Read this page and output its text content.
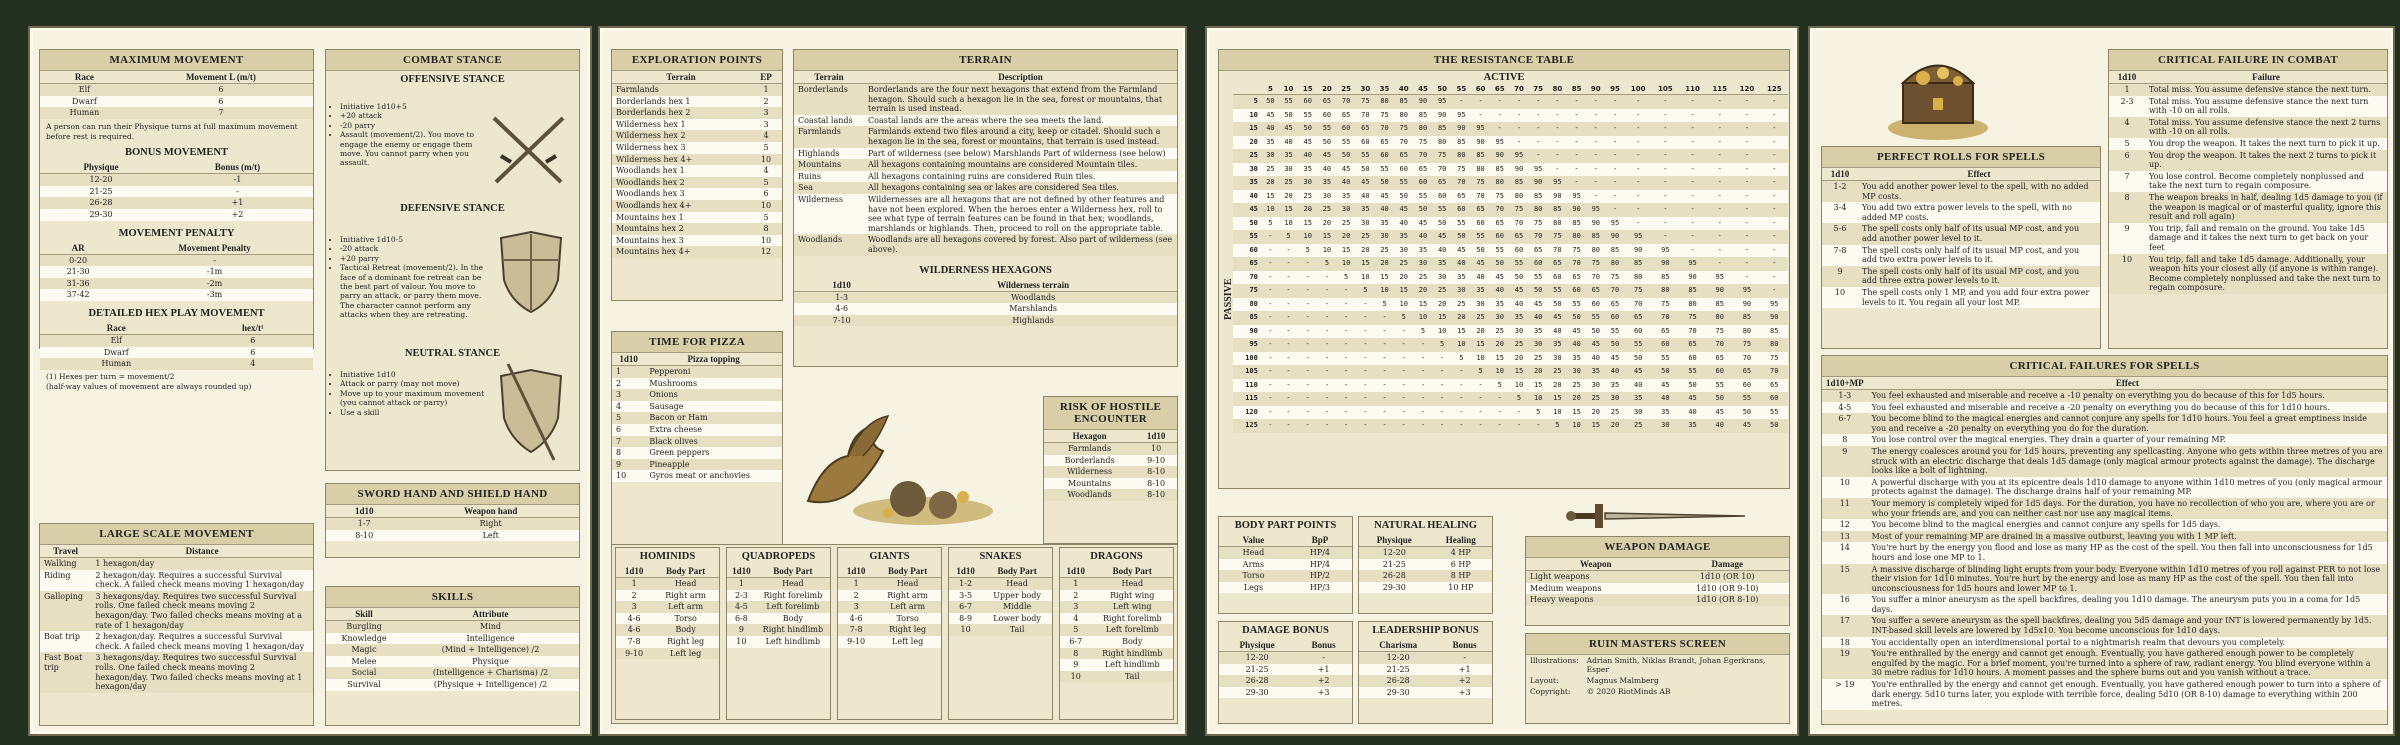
MAXIMUM MOVEMENT
Race	Movement L (m/t)
Elf	6
Dwarf	6
Human	7
A person can run their Physique turns at full maximum movement before rest is required.
BONUS MOVEMENT
Physique	Bonus (m/t)
12-20	-1
21-25	-
26-28	+1
29-30	+2
MOVEMENT PENALTY
AR	Movement Penalty
0-20	-
21-30	-1m
31-36	-2m
37-42	-3m
DETAILED HEX PLAY MOVEMENT
Race	hex/t¹
Elf	6
Dwarf	6
Human	4
(1) Hexes per turn = movement/2
(half-way values of movement are always rounded up)
LARGE SCALE MOVEMENT
Travel	Distance
Walking	1 hexagon/day
Riding	2 hexagon/day. Requires a successful Survival check. A failed check means moving 1 hexagon/day
Galloping	3 hexagons/day. Requires two successful Survival rolls. One failed check means moving 2 hexagon/day. Two failed checks means moving at a rate of 1 hexagon/day
Boat trip	2 hexagon/day. Requires a successful Survival check. A failed check means moving 1 hexagon/day
Fast Boat trip	3 hexagons/day. Requires two successful Survival rolls. One failed check means moving 2 hexagon/day. Two failed checks means moving at 1 hexagon/day
COMBAT STANCE
OFFENSIVE STANCE
• Initiative 1d10+5
• +20 attack
• -20 parry
• Assault (movement/2). You move to engage the enemy or engage them move. You cannot parry when you assault.
DEFENSIVE STANCE
• Initiative 1d10-5
• -20 attack
• +20 parry
• Tactical Retreat (movement/2). In the face of a dominant foe retreat can be the best part of valour. You move to parry an attack, or parry them move. The character cannot perform any attacks when they are retreating.
NEUTRAL STANCE
• Initiative 1d10
• Attack or parry (may not move)
• Move up to your maximum movement (you cannot attack or parry)
• Use a skill
SWORD HAND AND SHIELD HAND
1d10	Weapon hand
1-7	Right
8-10	Left
SKILLS
Skill	Attribute
Burgling	Mind
Knowledge	Intelligence
Magic	(Mind + Intelligence) /2
Melee	Physique
Social	(Intelligence + Charisma) /2
Survival	(Physique + Intelligence) /2
EXPLORATION POINTS
Terrain	EP
Farmlands	1
Borderlands hex 1	2
Borderlands hex 2	3
Wilderness hex 1	3
Wilderness hex 2	4
Wilderness hex 3	5
Wilderness hex 4+	10
Woodlands hex 1	4
Woodlands hex 2	5
Woodlands hex 3	6
Woodlands hex 4+	10
Mountains hex 1	5
Mountains hex 2	8
Mountains hex 3	10
Mountains hex 4+	12
TERRAIN
Terrain	Description
Borderlands	Borderlands are the four next hexagons that extend from the Farmland hexagon. Should such a hexagon lie in the sea, forest or mountains, that terrain is used instead.
Coastal lands	Coastal lands are the areas where the sea meets the land.
Farmlands	Farmlands extend two files around a city, keep or citadel. Should such a hexagon lie in the sea, forest or mountains, that terrain is used instead.
Highlands	Part of wilderness (see below) Marshlands Part of wilderness (see below)
Mountains	All hexagons containing mountains are considered Mountain tiles.
Ruins	All hexagons containing ruins are considered Ruin tiles.
Sea	All hexagons containing sea or lakes are considered Sea tiles.
Wilderness	Wildernesses are all hexagons that are not defined by other features and have not been explored. When the heroes enter a Wilderness hex, roll to see what type of terrain features can be found in that hex; woodlands, marshlands or highlands. Then, proceed to roll on the appropriate table.
Woodlands	Woodlands are all hexagons covered by forest. Also part of wilderness (see above).
WILDERNESS HEXAGONS
1d10	Wilderness terrain
1-3	Woodlands
4-6	Marshlands
7-10	Highlands
TIME FOR PIZZA
1d10	Pizza topping
1	Pepperoni
2	Mushrooms
3	Onions
4	Sausage
5	Bacon or Ham
6	Extra cheese
7	Black olives
8	Green peppers
9	Pineapple
10	Gyros meat or anchovies
RISK OF HOSTILE ENCOUNTER
Hexagon	1d10
Farmlands	10
Borderlands	9-10
Wilderness	8-10
Mountains	8-10
Woodlands	8-10
HOMINIDS
1d10	Body Part
1	Head
2	Right arm
3	Left arm
4-6	Torso
4-6	Body
7-8	Right leg
9-10	Left leg
QUADROPEDS
1d10	Body Part
1	Head
2-3	Right forelimb
4-5	Left forelimb
6-8	Body
9	Right hindlimb
10	Left hindlimb
GIANTS
1d10	Body Part
1	Head
2	Right arm
3	Left arm
4-6	Torso
7-8	Right leg
9-10	Left leg
SNAKES
1d10	Body Part
1-2	Head
3-5	Upper body
6-7	Middle
8-9	Lower body
10	Tail
DRAGONS
1d10	Body Part
1	Head
2	Right wing
3	Left wing
4	Right forelimb
5	Left forelimb
6-7	Body
8	Right hindlimb
9	Left hindlimb
10	Tail
THE RESISTANCE TABLE
ACTIVE
PASSIVE
	5	10	15	20	25	30	35	40	45	50	55	60	65	70	75	80	85	90	95	100	105	110	115	120	125
5	50	55	60	65	70	75	80	85	90	95	-	-	-	-	-	-	-	-	-	-	-	-	-	-	-
10	45	50	55	60	65	70	75	80	85	90	95	-	-	-	-	-	-	-	-	-	-	-	-	-	-
15	40	45	50	55	60	65	70	75	80	85	90	95	-	-	-	-	-	-	-	-	-	-	-	-	-
20	35	40	45	50	55	60	65	70	75	80	85	90	95	-	-	-	-	-	-	-	-	-	-	-	-
25	30	35	40	45	50	55	60	65	70	75	80	85	90	95	-	-	-	-	-	-	-	-	-	-	-
30	25	30	35	40	45	50	55	60	65	70	75	80	85	90	95	-	-	-	-	-	-	-	-	-	-
35	20	25	30	35	40	45	50	55	60	65	70	75	80	85	90	95	-	-	-	-	-	-	-	-	-
40	15	20	25	30	35	40	45	50	55	60	65	70	75	80	85	90	95	-	-	-	-	-	-	-	-
45	10	15	20	25	30	35	40	45	50	55	60	65	70	75	80	85	90	95	-	-	-	-	-	-	-
50	5	10	15	20	25	30	35	40	45	50	55	60	65	70	75	80	85	90	95	-	-	-	-	-	-
55	-	5	10	15	20	25	30	35	40	45	50	55	60	65	70	75	80	85	90	95	-	-	-	-	-
60	-	-	5	10	15	20	25	30	35	40	45	50	55	60	65	70	75	80	85	90	95	-	-	-	-
65	-	-	-	5	10	15	20	25	30	35	40	45	50	55	60	65	70	75	80	85	90	95	-	-	-
70	-	-	-	-	5	10	15	20	25	30	35	40	45	50	55	60	65	70	75	80	85	90	95	-	-
75	-	-	-	-	-	5	10	15	20	25	30	35	40	45	50	55	60	65	70	75	80	85	90	95	-
80	-	-	-	-	-	-	5	10	15	20	25	30	35	40	45	50	55	60	65	70	75	80	85	90	95
85	-	-	-	-	-	-	-	5	10	15	20	25	30	35	40	45	50	55	60	65	70	75	80	85	90
90	-	-	-	-	-	-	-	-	5	10	15	20	25	30	35	40	45	50	55	60	65	70	75	80	85
95	-	-	-	-	-	-	-	-	-	5	10	15	20	25	30	35	40	45	50	55	60	65	70	75	80
100	-	-	-	-	-	-	-	-	-	-	5	10	15	20	25	30	35	40	45	50	55	60	65	70	75
105	-	-	-	-	-	-	-	-	-	-	-	5	10	15	20	25	30	35	40	45	50	55	60	65	70
110	-	-	-	-	-	-	-	-	-	-	-	-	5	10	15	20	25	30	35	40	45	50	55	60	65
115	-	-	-	-	-	-	-	-	-	-	-	-	-	5	10	15	20	25	30	35	40	45	50	55	60
120	-	-	-	-	-	-	-	-	-	-	-	-	-	-	5	10	15	20	25	30	35	40	45	50	55
125	-	-	-	-	-	-	-	-	-	-	-	-	-	-	-	5	10	15	20	25	30	35	40	45	50
BODY PART POINTS
Value	BpP
Head	HP/4
Arms	HP/4
Torso	HP/2
Legs	HP/3
NATURAL HEALING
Physique	Healing
12-20	4 HP
21-25	6 HP
26-28	8 HP
29-30	10 HP
DAMAGE BONUS
Physique	Bonus
12-20	-
21-25	+1
26-28	+2
29-30	+3
LEADERSHIP BONUS
Charisma	Bonus
12-20	-
21-25	+1
26-28	+2
29-30	+3
WEAPON DAMAGE
Weapon	Damage
Light weapons	1d10 (OR 10)
Medium weapons	1d10 (OR 9-10)
Heavy weapons	1d10 (OR 8-10)
RUIN MASTERS SCREEN
Illustrations:	Adrian Smith, Niklas Brandt, Johan Egerkrans, Esper
Layout:	Magnus Malmberg
Copyright:	© 2020 RiotMinds AB
CRITICAL FAILURE IN COMBAT
1d10	Failure
1	Total miss. You assume defensive stance the next turn.
2-3	Total miss. You assume defensive stance the next turn with -10 on all rolls.
4	Total miss. You assume defensive stance the next 2 turns with -10 on all rolls.
5	You drop the weapon. It takes the next turn to pick it up.
6	You drop the weapon. It takes the next 2 turns to pick it up.
7	You lose control. Become completely nonplussed and take the next turn to regain composure.
8	The weapon breaks in half, dealing 1d5 damage to you (if the weapon is magical or of masterful quality, ignore this result and roll again)
9	You trip, fall and remain on the ground. You take 1d5 damage and it takes the next turn to get back on your feet
10	You trip, fall and take 1d5 damage. Additionally, your weapon hits your closest ally (if anyone is within range). Become completely nonplussed and take the next turn to regain composure.
PERFECT ROLLS FOR SPELLS
1d10	Effect
1-2	You add another power level to the spell, with no added MP costs.
3-4	You add two extra power levels to the spell, with no added MP costs.
5-6	The spell costs only half of its usual MP cost, and you add another power level to it.
7-8	The spell costs only half of its usual MP cost, and you add two extra power levels to it.
9	The spell costs only half of its usual MP cost, and you add three extra power levels to it.
10	The spell costs only 1 MP, and you add four extra power levels to it. You regain all your lost MP.
CRITICAL FAILURES FOR SPELLS
1d10+MP	Effect
1-3	You feel exhausted and miserable and receive a -10 penalty on everything you do because of this for 1d5 hours.
4-5	You feel exhausted and miserable and receive a -20 penalty on everything you do because of this for 1d10 hours.
6-7	You become blind to the magical energies and cannot conjure any spells for 1d10 hours. You feel a great emptiness inside you and receive a -20 penalty on everything you do for the duration.
8	You lose control over the magical energies. They drain a quarter of your remaining MP.
9	The energy coalesces around you for 1d5 hours, preventing any spellcasting. Anyone who gets within three metres of you are struck with an electric discharge that deals 1d5 damage (only magical armour protects against the damage). The discharge looks like a bolt of lightning.
10	A powerful discharge with you at its epicentre deals 1d10 damage to anyone within 1d10 metres of you (only magical armour protects against the damage). The discharge drains half of your remaining MP.
11	Your memory is completely wiped for 1d5 days. For the duration, you have no recollection of who you are, where you are or who your friends are, and you can neither cast nor use any magical items.
12	You become blind to the magical energies and cannot conjure any spells for 1d5 days.
13	Most of your remaining MP are drained in a massive outburst, leaving you with 1 MP left.
14	You're hurt by the energy you flood and lose as many HP as the cost of the spell. You then fall into unconsciousness for 1d5 hours and lose one MP to 1.
15	A massive discharge of blinding light erupts from your body. Everyone within 1d10 metres of you roll against PER to not lose their vision for 1d10 minutes. You're hurt by the energy and lose as many HP as the cost of the spell. You then fall into unconsciousness for 1d5 hours and lower MP to 1.
16	You suffer a minor aneurysm as the spell backfires, dealing you 1d10 damage. The aneurysm puts you in a coma for 1d5 days.
17	You suffer a severe aneurysm as the spell backfires, dealing you 5d5 damage and your INT is lowered permanently by 1d5. INT-based skill levels are lowered by 1d5x10. You become unconscious for 1d10 days.
18	You accidentally open an interdimensional portal to a nightmarish realm that devours you completely.
19	You're enthralled by the energy and cannot get enough. Eventually, you have gathered enough power to be completely engulfed by the magic. For a brief moment, you're turned into a sphere of raw, radiant energy. You blind everyone within a 30 metre radius for 1d10 hours. A moment passes and the sphere burns out and you vanish without a trace.
> 19	You're enthralled by the energy and cannot get enough. Eventually, you have gathered enough power to turn into a sphere of dark energy. 5d10 turns later, you explode with terrible force, dealing 5d10 (OR 8-10) damage to everything within 200 metres.
